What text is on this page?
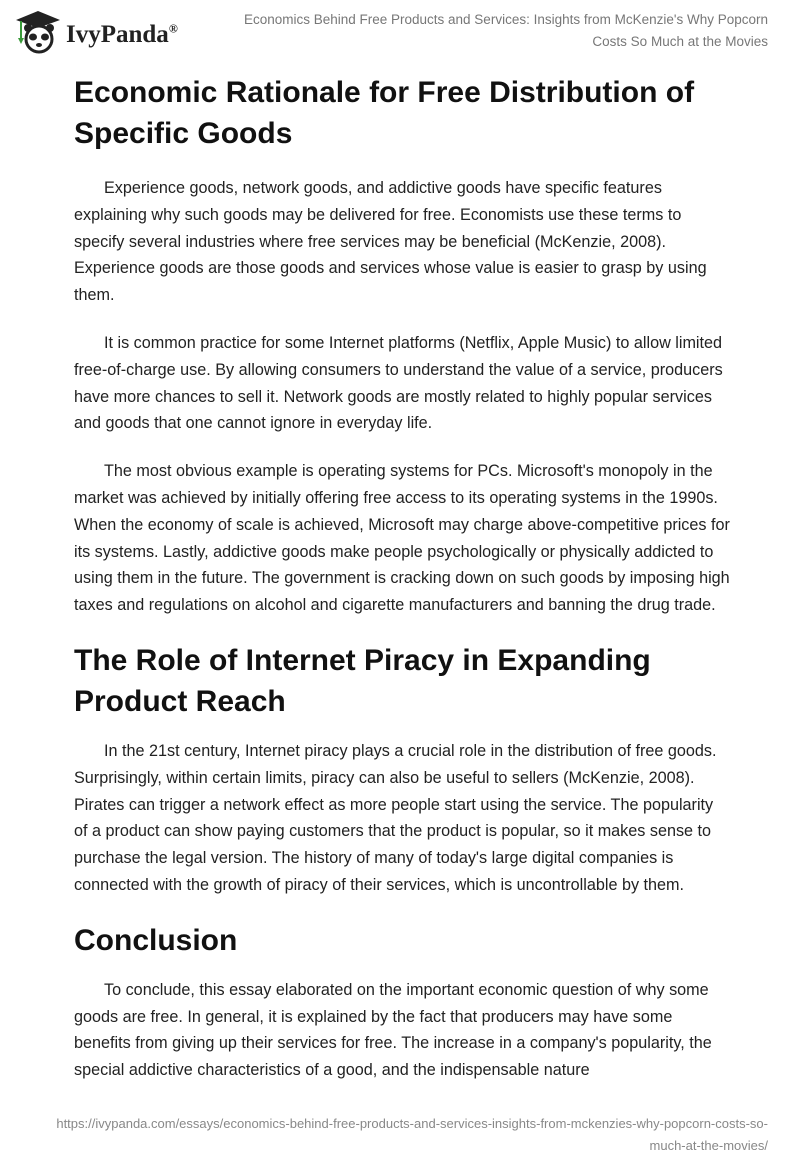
IvyPanda®
Economics Behind Free Products and Services: Insights from McKenzie's Why Popcorn Costs So Much at the Movies
Economic Rationale for Free Distribution of Specific Goods

Experience goods, network goods, and addictive goods have specific features explaining why such goods may be delivered for free. Economists use these terms to specify several industries where free services may be beneficial (McKenzie, 2008). Experience goods are those goods and services whose value is easier to grasp by using them.

It is common practice for some Internet platforms (Netflix, Apple Music) to allow limited free-of-charge use. By allowing consumers to understand the value of a service, producers have more chances to sell it. Network goods are mostly related to highly popular services and goods that one cannot ignore in everyday life.

The most obvious example is operating systems for PCs. Microsoft's monopoly in the market was achieved by initially offering free access to its operating systems in the 1990s. When the economy of scale is achieved, Microsoft may charge above-competitive prices for its systems. Lastly, addictive goods make people psychologically or physically addicted to using them in the future. The government is cracking down on such goods by imposing high taxes and regulations on alcohol and cigarette manufacturers and banning the drug trade.

The Role of Internet Piracy in Expanding Product Reach

In the 21st century, Internet piracy plays a crucial role in the distribution of free goods. Surprisingly, within certain limits, piracy can also be useful to sellers (McKenzie, 2008). Pirates can trigger a network effect as more people start using the service. The popularity of a product can show paying customers that the product is popular, so it makes sense to purchase the legal version. The history of many of today's large digital companies is connected with the growth of piracy of their services, which is uncontrollable by them.

Conclusion

To conclude, this essay elaborated on the important economic question of why some goods are free. In general, it is explained by the fact that producers may have some benefits from giving up their services for free. The increase in a company's popularity, the special addictive characteristics of a good, and the indispensable nature

https://ivypanda.com/essays/economics-behind-free-products-and-services-insights-from-mckenzies-why-popcorn-costs-so-much-at-the-movies/
